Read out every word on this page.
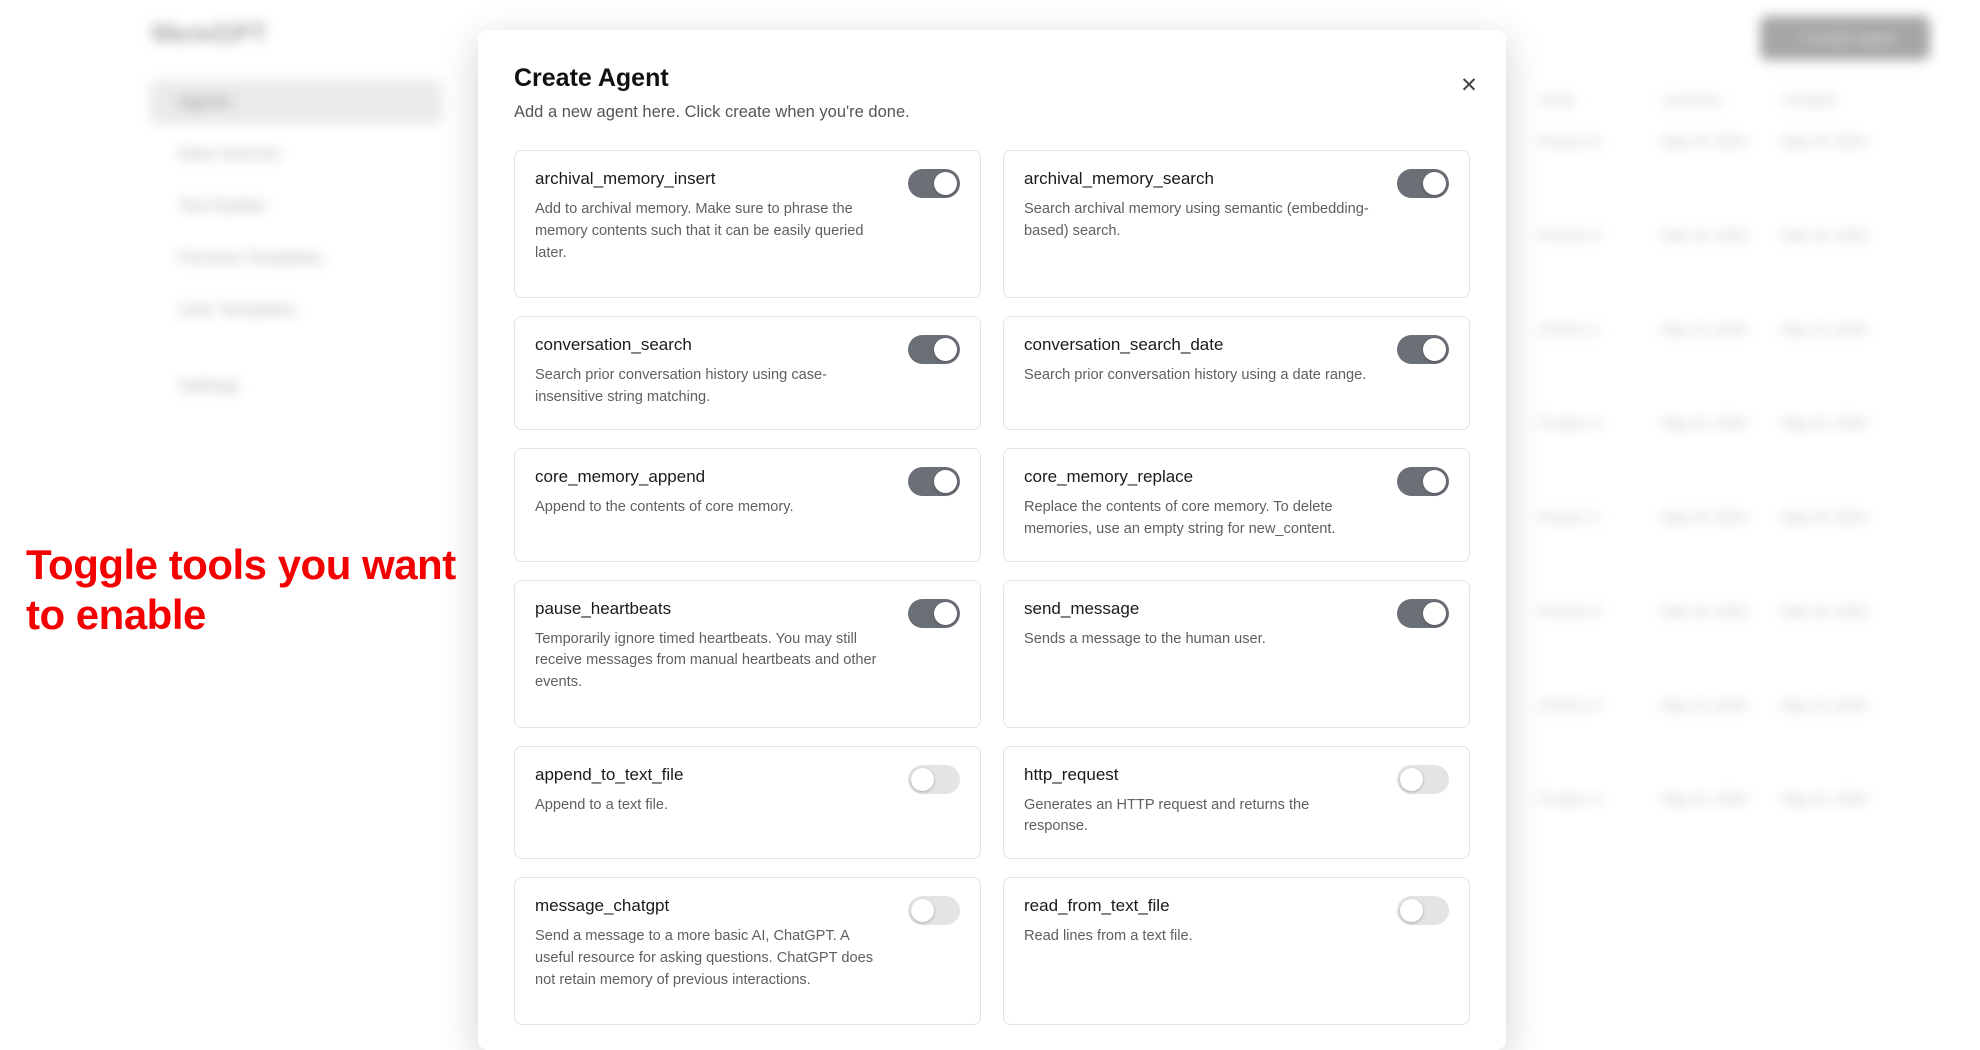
MemGPT
Agents
Data Sources
Tool Builder
Persona Templates
User Templates
Settings
+ Create Agent
Tools	Last Run	Created
8 tools | 0	May 10, 2024	May 10, 2024
8 tools | 0	May 10, 2024	May 10, 2024
8 tools | 1	May 10, 2024	May 10, 2024
8 tools | 0	May 10, 2024	May 10, 2024
8 tools | 1	May 10, 2024	May 10, 2024
8 tools | 0	May 10, 2024	May 10, 2024
8 tools | 0	May 10, 2024	May 10, 2024
8 tools | 0	May 10, 2024	May 10, 2024
Toggle tools you want to enable
✕
Create Agent

Add a new agent here. Click create when you're done.

archival_memory_insert

Add to archival memory. Make sure to phrase the memory contents such that it can be easily queried later.

archival_memory_search

Search archival memory using semantic (embedding-based) search.

conversation_search

Search prior conversation history using case-insensitive string matching.

conversation_search_date

Search prior conversation history using a date range.

core_memory_append

Append to the contents of core memory.

core_memory_replace

Replace the contents of core memory. To delete memories, use an empty string for new_content.

pause_heartbeats

Temporarily ignore timed heartbeats. You may still receive messages from manual heartbeats and other events.

send_message

Sends a message to the human user.

append_to_text_file

Append to a text file.

http_request

Generates an HTTP request and returns the response.

message_chatgpt

Send a message to a more basic AI, ChatGPT. A useful resource for asking questions. ChatGPT does not retain memory of previous interactions.

read_from_text_file

Read lines from a text file.
